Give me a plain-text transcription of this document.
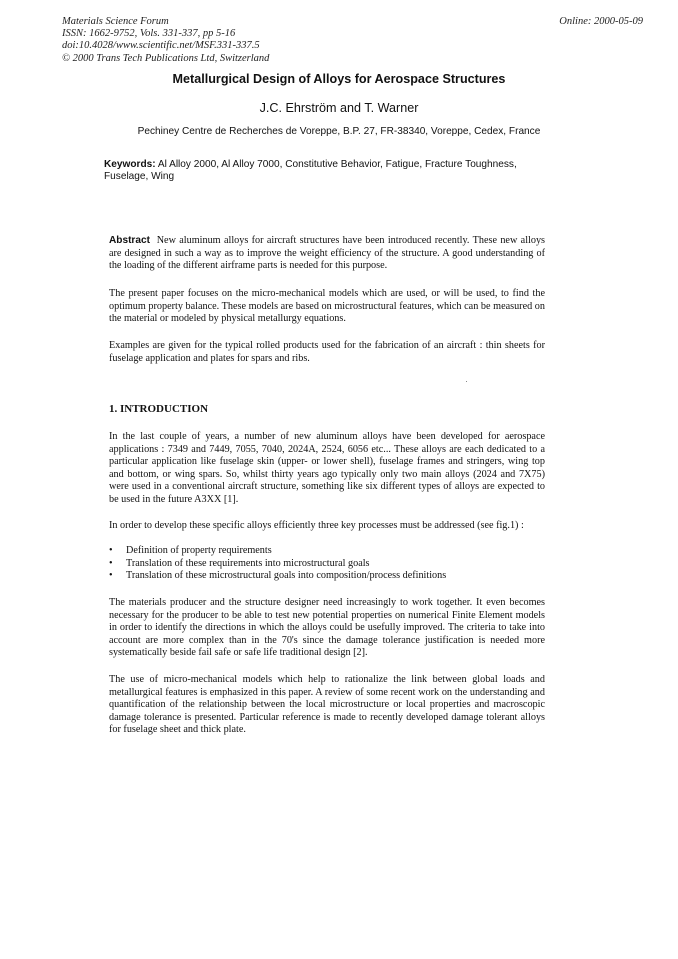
Materials Science Forum
ISSN: 1662-9752, Vols. 331-337, pp 5-16
doi:10.4028/www.scientific.net/MSF.331-337.5
© 2000 Trans Tech Publications Ltd, Switzerland
Online: 2000-05-09
Metallurgical Design of Alloys for Aerospace Structures
J.C. Ehrström and T. Warner
Pechiney Centre de Recherches de Voreppe, B.P. 27, FR-38340, Voreppe, Cedex, France
Keywords: Al Alloy 2000, Al Alloy 7000, Constitutive Behavior, Fatigue, Fracture Toughness, Fuselage, Wing

Abstract New aluminum alloys for aircraft structures have been introduced recently. These new alloys are designed in such a way as to improve the weight efficiency of the structure. A good understanding of the loading of the different airframe parts is needed for this purpose.

The present paper focuses on the micro-mechanical models which are used, or will be used, to find the optimum property balance. These models are based on microstructural features, which can be measured on the material or modeled by physical metallurgy equations.

Examples are given for the typical rolled products used for the fabrication of an aircraft : thin sheets for fuselage application and plates for spars and ribs.

1. INTRODUCTION

In the last couple of years, a number of new aluminum alloys have been developed for aerospace applications : 7349 and 7449, 7055, 7040, 2024A, 2524, 6056 etc... These alloys are each dedicated to a particular application like fuselage skin (upper- or lower shell), fuselage frames and stringers, wing top and bottom, or wing spars. So, whilst thirty years ago typically only two main alloys (2024 and 7X75) were used in a conventional aircraft structure, something like six different types of alloys are expected to be used in the future A3XX [1].

In order to develop these specific alloys efficiently three key processes must be addressed (see fig.1) :

•	Definition of property requirements
•	Translation of these requirements into microstructural goals
•	Translation of these microstructural goals into composition/process definitions

The materials producer and the structure designer need increasingly to work together. It even becomes necessary for the producer to be able to test new potential properties on numerical Finite Element models in order to identify the directions in which the alloys could be usefully improved. The criteria to take into account are more complex than in the 70's since the damage tolerance justification is needed more systematically beside fail safe or safe life traditional design [2].

The use of micro-mechanical models which help to rationalize the link between global loads and metallurgical features is emphasized in this paper. A review of some recent work on the understanding and quantification of the relationship between the local microstructure or local properties and macroscopic damage tolerance is presented. Particular reference is made to recently developed damage tolerant alloys for fuselage sheet and thick plate.
